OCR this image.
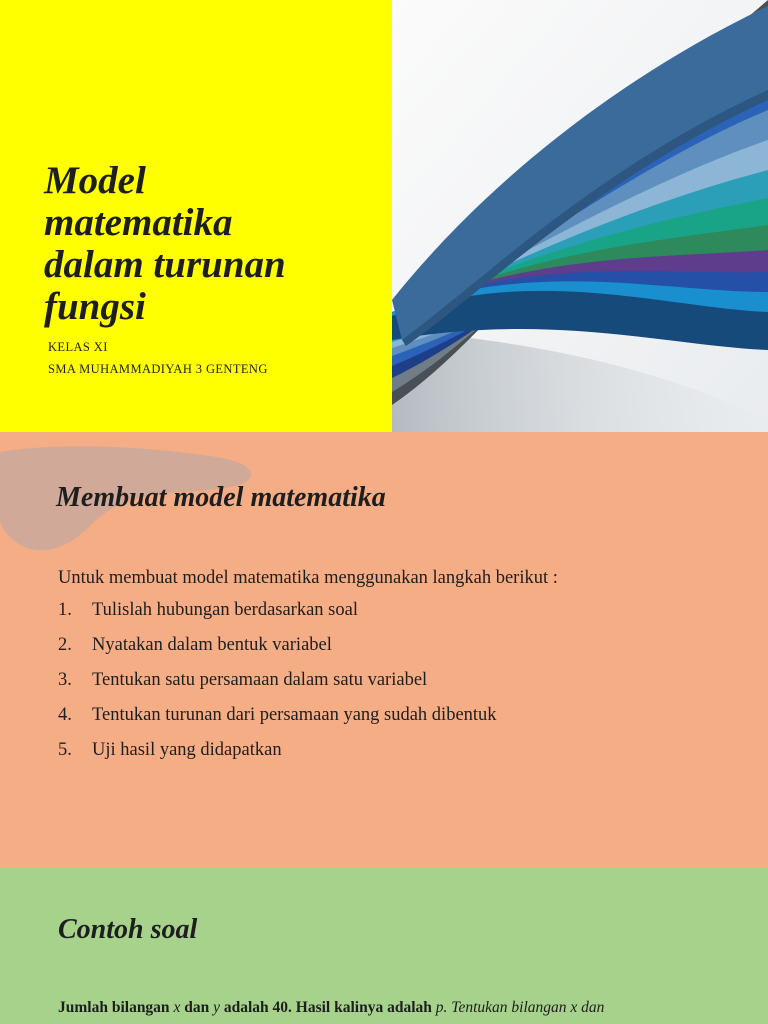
Model
matematika
dalam turunan
fungsi
KELAS XI
SMA MUHAMMADIYAH 3 GENTENG
Membuat model matematika

Untuk membuat model matematika menggunakan langkah berikut :

1.	Tulislah hubungan berdasarkan soal
2.	Nyatakan dalam bentuk variabel
3.	Tentukan satu persamaan dalam satu variabel
4.	Tentukan turunan dari persamaan yang sudah dibentuk
5.	Uji hasil yang didapatkan
Contoh soal

Jumlah bilangan x dan y adalah 40. Hasil kalinya adalah p. Tentukan bilangan x dan
